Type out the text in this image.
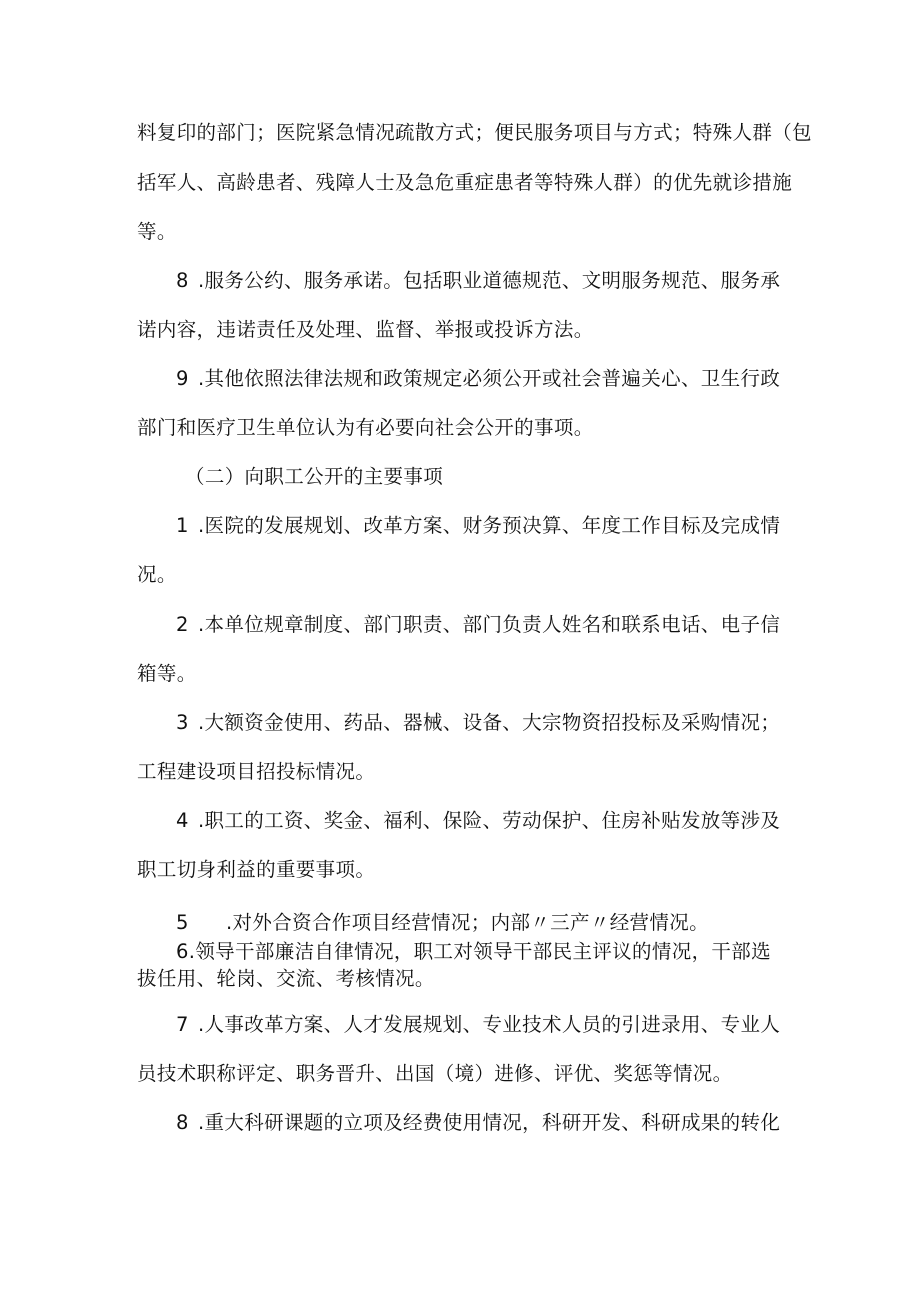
料复印的部门；医院紧急情况疏散方式；便民服务项目与方式；特殊人群（包
括军人、高龄患者、残障人士及急危重症患者等特殊人群）的优先就诊措施
等。
8 .服务公约、服务承诺。包括职业道德规范、文明服务规范、服务承
诺内容，违诺责任及处理、监督、举报或投诉方法。
9 .其他依照法律法规和政策规定必须公开或社会普遍关心、卫生行政
部门和医疗卫生单位认为有必要向社会公开的事项。
（二）向职工公开的主要事项
1 .医院的发展规划、改革方案、财务预决算、年度工作目标及完成情
况。
2 .本单位规章制度、部门职责、部门负责人姓名和联系电话、电子信
箱等。
3 .大额资金使用、药品、器械、设备、大宗物资招投标及采购情况；
工程建设项目招投标情况。
4 .职工的工资、奖金、福利、保险、劳动保护、住房补贴发放等涉及
职工切身利益的重要事项。
5 .对外合资合作项目经营情况；内部〃三产〃经营情况。
6.领导干部廉洁自律情况，职工对领导干部民主评议的情况，干部选
拔任用、轮岗、交流、考核情况。
7 .人事改革方案、人才发展规划、专业技术人员的引进录用、专业人
员技术职称评定、职务晋升、出国（境）进修、评优、奖惩等情况。
8 .重大科研课题的立项及经费使用情况，科研开发、科研成果的转化
